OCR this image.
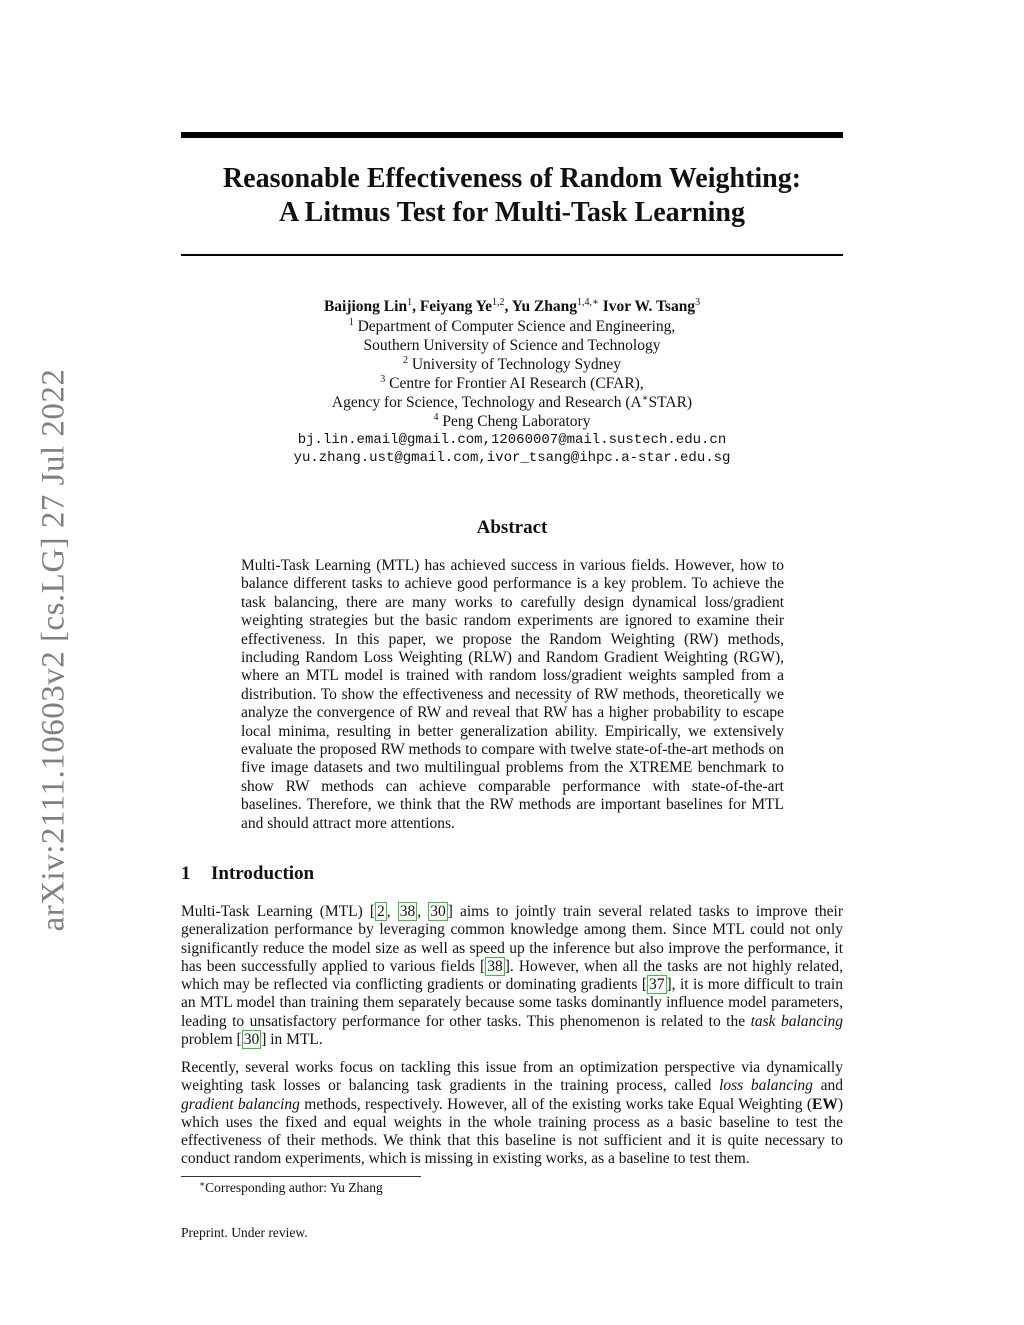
arXiv:2111.10603v2 [cs.LG] 27 Jul 2022
Reasonable Effectiveness of Random Weighting:
A Litmus Test for Multi-Task Learning
Baijiong Lin$^1$, Feiyang Ye$^{1,2}$, Yu Zhang$^{1,4,∗}$ Ivor W. Tsang$^3$
$^1$ Department of Computer Science and Engineering,
Southern University of Science and Technology
$^2$ University of Technology Sydney
$^3$ Centre for Frontier AI Research (CFAR),
Agency for Science, Technology and Research (A∗STAR)
$^4$ Peng Cheng Laboratory
bj.lin.email@gmail.com,12060007@mail.sustech.edu.cn
yu.zhang.ust@gmail.com,ivor_tsang@ihpc.a-star.edu.sg
Abstract

Multi-Task Learning (MTL) has achieved success in various fields. However, how to balance different tasks to achieve good performance is a key problem. To achieve the task balancing, there are many works to carefully design dynamical loss/gradient weighting strategies but the basic random experiments are ignored to examine their effectiveness. In this paper, we propose the Random Weighting (RW) methods, including Random Loss Weighting (RLW) and Random Gradient Weighting (RGW), where an MTL model is trained with random loss/gradient weights sampled from a distribution. To show the effectiveness and necessity of RW methods, theoretically we analyze the convergence of RW and reveal that RW has a higher probability to escape local minima, resulting in better generalization ability. Empirically, we extensively evaluate the proposed RW methods to compare with twelve state-of-the-art methods on five image datasets and two multilingual problems from the XTREME benchmark to show RW methods can achieve comparable performance with state-of-the-art baselines. Therefore, we think that the RW methods are important baselines for MTL and should attract more attentions.

1 Introduction

Multi-Task Learning (MTL) [ 2 , 38 , 30 ] aims to jointly train several related tasks to improve their generalization performance by leveraging common knowledge among them. Since MTL could not only significantly reduce the model size as well as speed up the inference but also improve the performance, it has been successfully applied to various fields [ 38 ]. However, when all the tasks are not highly related, which may be reflected via conflicting gradients or dominating gradients [ 37 ], it is more difficult to train an MTL model than training them separately because some tasks dominantly influence model parameters, leading to unsatisfactory performance for other tasks. This phenomenon is related to the task balancing problem [ 30 ] in MTL.

Recently, several works focus on tackling this issue from an optimization perspective via dynamically weighting task losses or balancing task gradients in the training process, called loss balancing and gradient balancing methods, respectively. However, all of the existing works take Equal Weighting (EW) which uses the fixed and equal weights in the whole training process as a basic baseline to test the effectiveness of their methods. We think that this baseline is not sufficient and it is quite necessary to conduct random experiments, which is missing in existing works, as a baseline to test them.

∗Corresponding author: Yu Zhang
Preprint. Under review.
